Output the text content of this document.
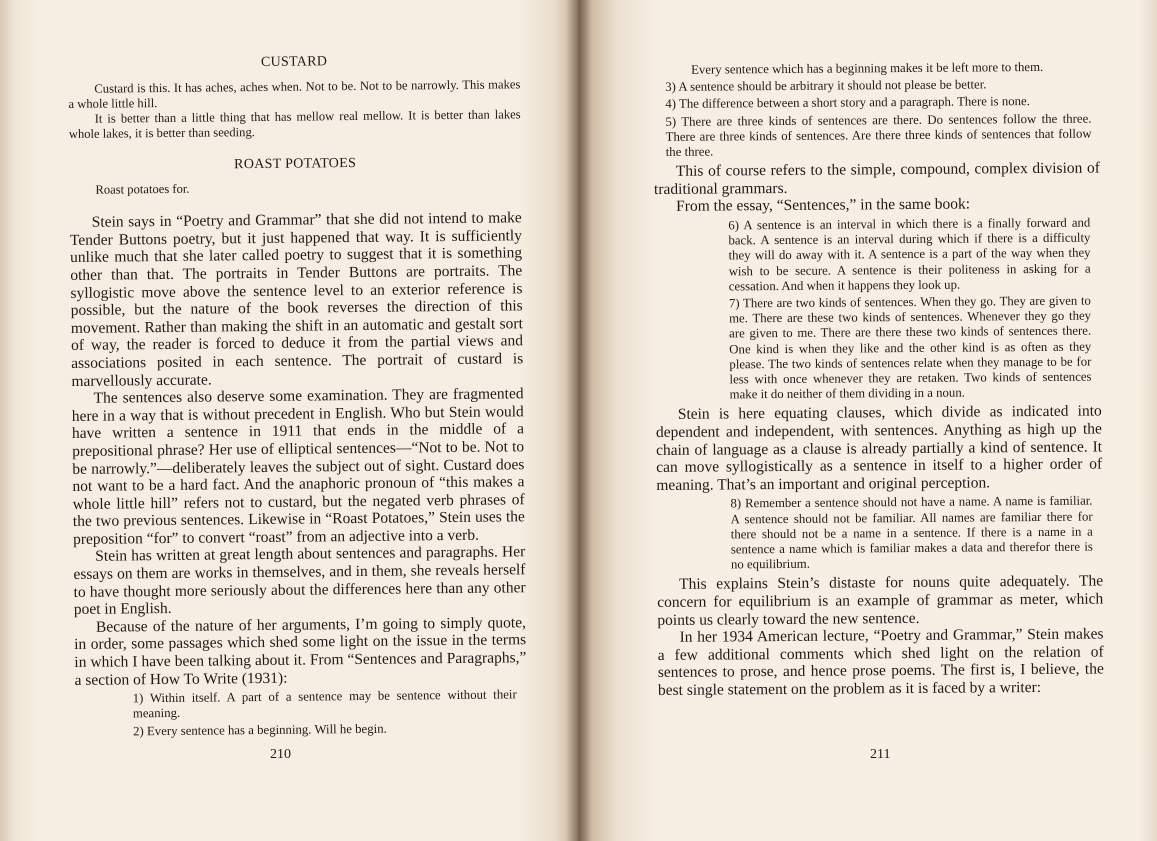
CUSTARD

Custard is this. It has aches, aches when. Not to be. Not to be narrowly. This makes a whole little hill.

It is better than a little thing that has mellow real mellow. It is better than lakes whole lakes, it is better than seeding.

ROAST POTATOES

Roast potatoes for.

Stein says in “Poetry and Grammar” that she did not intend to make Tender Buttons poetry, but it just happened that way. It is sufficiently unlike much that she later called poetry to suggest that it is something other than that. The portraits in Tender Buttons are portraits. The syllogistic move above the sentence level to an exterior reference is possible, but the nature of the book reverses the direction of this movement. Rather than making the shift in an automatic and gestalt sort of way, the reader is forced to deduce it from the partial views and associations posited in each sentence. The portrait of custard is marvellously accurate.

The sentences also deserve some examination. They are fragmented here in a way that is without precedent in English. Who but Stein would have written a sentence in 1911 that ends in the middle of a prepositional phrase? Her use of elliptical sentences—“Not to be. Not to be narrowly.”—deliberately leaves the subject out of sight. Custard does not want to be a hard fact. And the anaphoric pronoun of “this makes a whole little hill” refers not to custard, but the negated verb phrases of the two previous sentences. Likewise in “Roast Potatoes,” Stein uses the preposition “for” to convert “roast” from an adjective into a verb.

Stein has written at great length about sentences and paragraphs. Her essays on them are works in themselves, and in them, she reveals herself to have thought more seriously about the differences here than any other poet in English.

Because of the nature of her arguments, I’m going to simply quote, in order, some passages which shed some light on the issue in the terms in which I have been talking about it. From “Sentences and Paragraphs,” a section of How To Write (1931):

1) Within itself. A part of a sentence may be sentence without their meaning.

2) Every sentence has a beginning. Will he begin.

210

Every sentence which has a beginning makes it be left more to them.

3) A sentence should be arbitrary it should not please be better.

4) The difference between a short story and a paragraph. There is none.

5) There are three kinds of sentences are there. Do sentences follow the three. There are three kinds of sentences. Are there three kinds of sentences that follow the three.

This of course refers to the simple, compound, complex division of traditional grammars.

From the essay, “Sentences,” in the same book:

6) A sentence is an interval in which there is a finally forward and back. A sentence is an interval during which if there is a difficulty they will do away with it. A sentence is a part of the way when they wish to be secure. A sentence is their politeness in asking for a cessation. And when it happens they look up.

7) There are two kinds of sentences. When they go. They are given to me. There are these two kinds of sentences. Whenever they go they are given to me. There are there these two kinds of sentences there. One kind is when they like and the other kind is as often as they please. The two kinds of sentences relate when they manage to be for less with once whenever they are retaken. Two kinds of sentences make it do neither of them dividing in a noun.

Stein is here equating clauses, which divide as indicated into dependent and independent, with sentences. Anything as high up the chain of language as a clause is already partially a kind of sentence. It can move syllogistically as a sentence in itself to a higher order of meaning. That’s an important and original perception.

8) Remember a sentence should not have a name. A name is familiar. A sentence should not be familiar. All names are familiar there for there should not be a name in a sentence. If there is a name in a sentence a name which is familiar makes a data and therefor there is no equilibrium.

This explains Stein’s distaste for nouns quite adequately. The concern for equilibrium is an example of grammar as meter, which points us clearly toward the new sentence.

In her 1934 American lecture, “Poetry and Grammar,” Stein makes a few additional comments which shed light on the relation of sentences to prose, and hence prose poems. The first is, I believe, the best single statement on the problem as it is faced by a writer:

211
